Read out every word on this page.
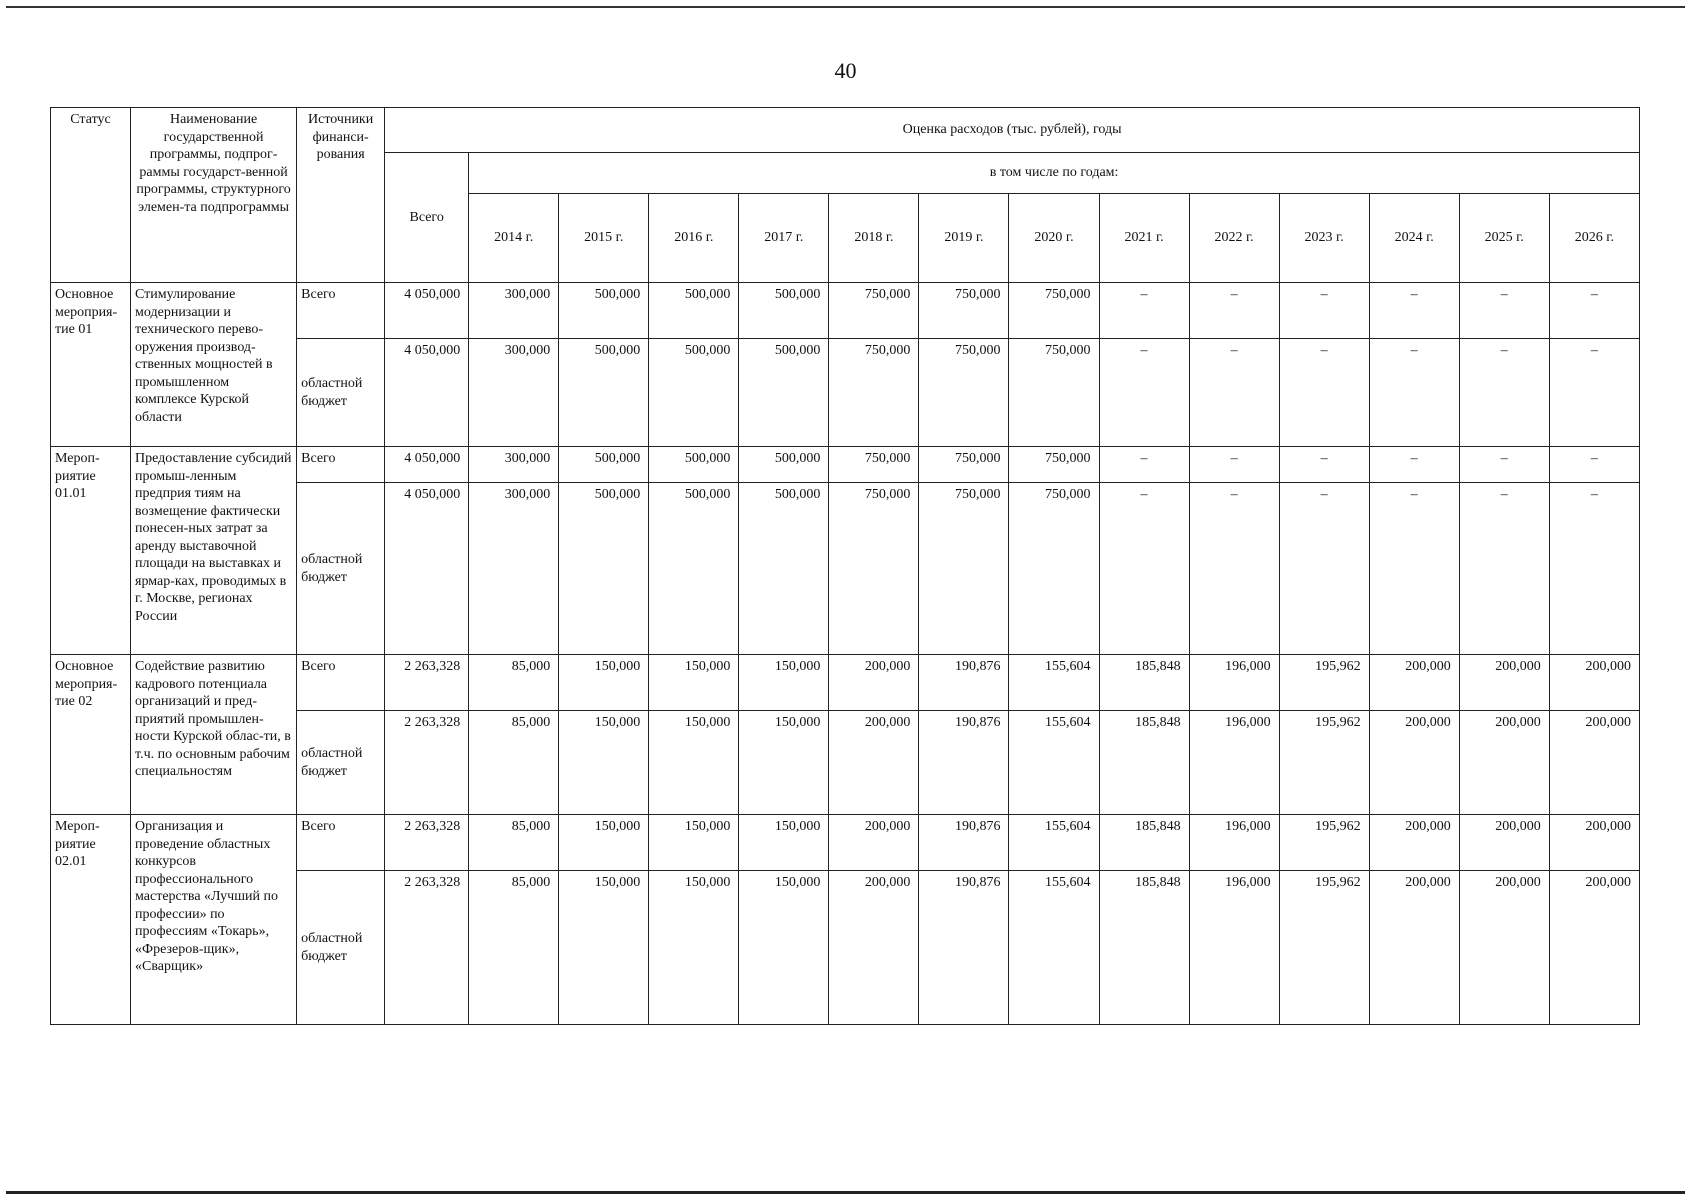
40
Статус	Наименование государственной программы, подпрог-раммы государст-венной программы, структурного элемен-та подпрограммы	Источники финанси-рования	Оценка расходов (тыс. рублей), годы													
			Всего	в том числе по годам:												
				2014 г.	2015 г.	2016 г.	2017 г.	2018 г.	2019 г.	2020 г.	2021 г.	2022 г.	2023 г.	2024 г.	2025 г.	2026 г.
Основное мероприя-тие 01	Стимулирование модернизации и технического перево-оружения производ-ственных мощностей в промышленном комплексе Курской области	Всего	4 050,000	300,000	500,000	500,000	500,000	750,000	750,000	750,000	–	–	–	–	–	–
		областной бюджет	4 050,000	300,000	500,000	500,000	500,000	750,000	750,000	750,000	–	–	–	–	–	–
Мероп-риятие 01.01	Предоставление субсидий промыш-ленным предприя тиям на возмещение фактически понесен-ных затрат за аренду выставочной площади на выставках и ярмар-ках, проводимых в г. Москве, регионах России	Всего	4 050,000	300,000	500,000	500,000	500,000	750,000	750,000	750,000	–	–	–	–	–	–
		областной бюджет	4 050,000	300,000	500,000	500,000	500,000	750,000	750,000	750,000	–	–	–	–	–	–
Основное мероприя-тие 02	Содействие развитию кадрового потенциала организаций и пред-приятий промышлен-ности Курской облас-ти, в т.ч. по основным рабочим специальностям	Всего	2 263,328	85,000	150,000	150,000	150,000	200,000	190,876	155,604	185,848	196,000	195,962	200,000	200,000	200,000
		областной бюджет	2 263,328	85,000	150,000	150,000	150,000	200,000	190,876	155,604	185,848	196,000	195,962	200,000	200,000	200,000
Мероп-риятие 02.01	Организация и проведение областных конкурсов профессионального мастерства «Лучший по профессии» по профессиям «Токарь», «Фрезеров-щик», «Сварщик»	Всего	2 263,328	85,000	150,000	150,000	150,000	200,000	190,876	155,604	185,848	196,000	195,962	200,000	200,000	200,000
		областной бюджет	2 263,328	85,000	150,000	150,000	150,000	200,000	190,876	155,604	185,848	196,000	195,962	200,000	200,000	200,000
